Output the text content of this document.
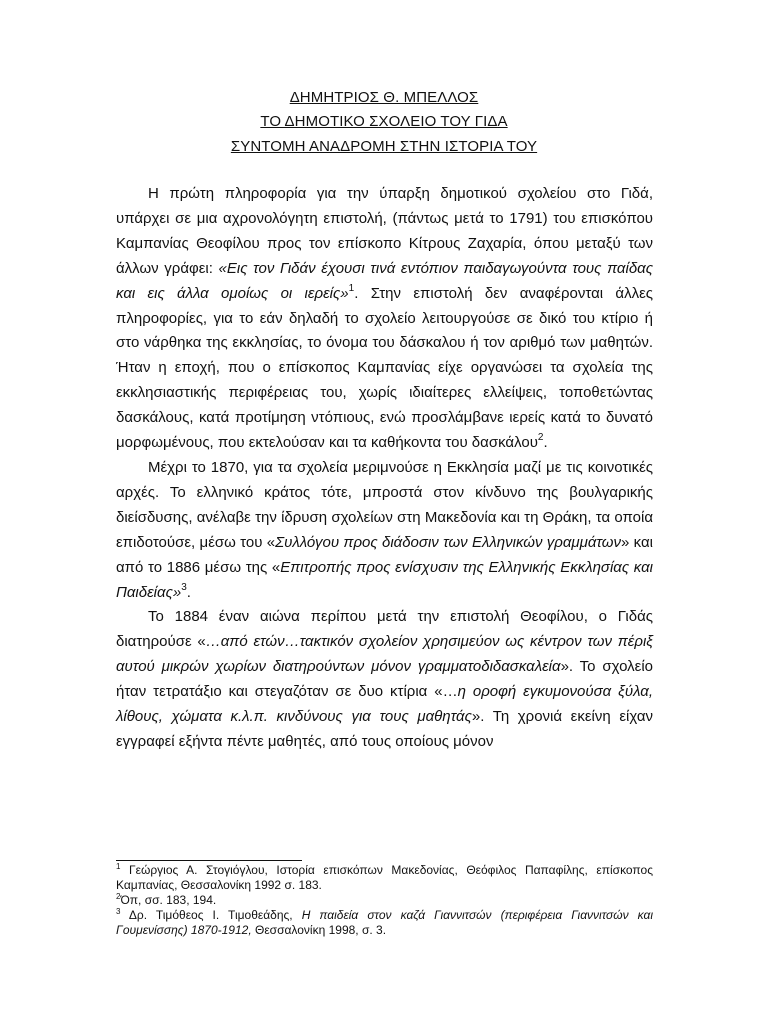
ΔΗΜΗΤΡΙΟΣ Θ. ΜΠΕΛΛΟΣ
ΤΟ ΔΗΜΟΤΙΚΟ ΣΧΟΛΕΙΟ ΤΟΥ ΓΙΔΑ
ΣΥΝΤΟΜΗ ΑΝΑΔΡΟΜΗ ΣΤΗΝ ΙΣΤΟΡΙΑ ΤΟΥ

Η πρώτη πληροφορία για την ύπαρξη δημοτικού σχολείου στο Γιδά, υπάρχει σε μια αχρονολόγητη επιστολή, (πάντως μετά το 1791) του επισκόπου Καμπανίας Θεοφίλου προς τον επίσκοπο Κίτρους Ζαχαρία, όπου μεταξύ των άλλων γράφει: «Εις τον Γιδάν έχουσι τινά εντόπιον παιδαγωγούντα τους παίδας και εις άλλα ομοίως οι ιερείς»$^1$. Στην επιστολή δεν αναφέρονται άλλες πληροφορίες, για το εάν δηλαδή το σχολείο λειτουργούσε σε δικό του κτίριο ή στο νάρθηκα της εκκλησίας, το όνομα του δάσκαλου ή τον αριθμό των μαθητών. Ήταν η εποχή, που ο επίσκοπος Καμπανίας είχε οργανώσει τα σχολεία της εκκλησιαστικής περιφέρειας του, χωρίς ιδιαίτερες ελλείψεις, τοποθετώντας δασκάλους, κατά προτίμηση ντόπιους, ενώ προσλάμβανε ιερείς κατά το δυνατό μορφωμένους, που εκτελούσαν και τα καθήκοντα του δασκάλου$^2$.

Μέχρι το 1870, για τα σχολεία μεριμνούσε η Εκκλησία μαζί με τις κοινοτικές αρχές. Το ελληνικό κράτος τότε, μπροστά στον κίνδυνο της βουλγαρικής διείσδυσης, ανέλαβε την ίδρυση σχολείων στη Μακεδονία και τη Θράκη, τα οποία επιδοτούσε, μέσω του «Συλλόγου προς διάδοσιν των Ελληνικών γραμμάτων» και από το 1886 μέσω της «Επιτροπής προς ενίσχυσιν της Ελληνικής Εκκλησίας και Παιδείας»$^3$.

Το 1884 έναν αιώνα περίπου μετά την επιστολή Θεοφίλου, ο Γιδάς διατηρούσε «…από ετών…τακτικόν σχολείον χρησιμεύον ως κέντρον των πέριξ αυτού μικρών χωρίων διατηρούντων μόνον γραμματοδιδασκαλεία». Το σχολείο ήταν τετρατάξιο και στεγαζόταν σε δυο κτίρια «…η οροφή εγκυμονούσα ξύλα, λίθους, χώματα κ.λ.π. κινδύνους για τους μαθητάς». Τη χρονιά εκείνη είχαν εγγραφεί εξήντα πέντε μαθητές, από τους οποίους μόνον

$^1$ Γεώργιος Α. Στογιόγλου, Ιστορία επισκόπων Μακεδονίας, Θεόφιλος Παπαφίλης, επίσκοπος Καμπανίας, Θεσσαλονίκη 1992 σ. 183.

$^2$Όπ, σσ. 183, 194.

$^3$ Δρ. Τιμόθεος Ι. Τιμοθεάδης, Η παιδεία στον καζά Γιαννιτσών (περιφέρεια Γιαννιτσών και Γουμενίσσης) 1870-1912, Θεσσαλονίκη 1998, σ. 3.
